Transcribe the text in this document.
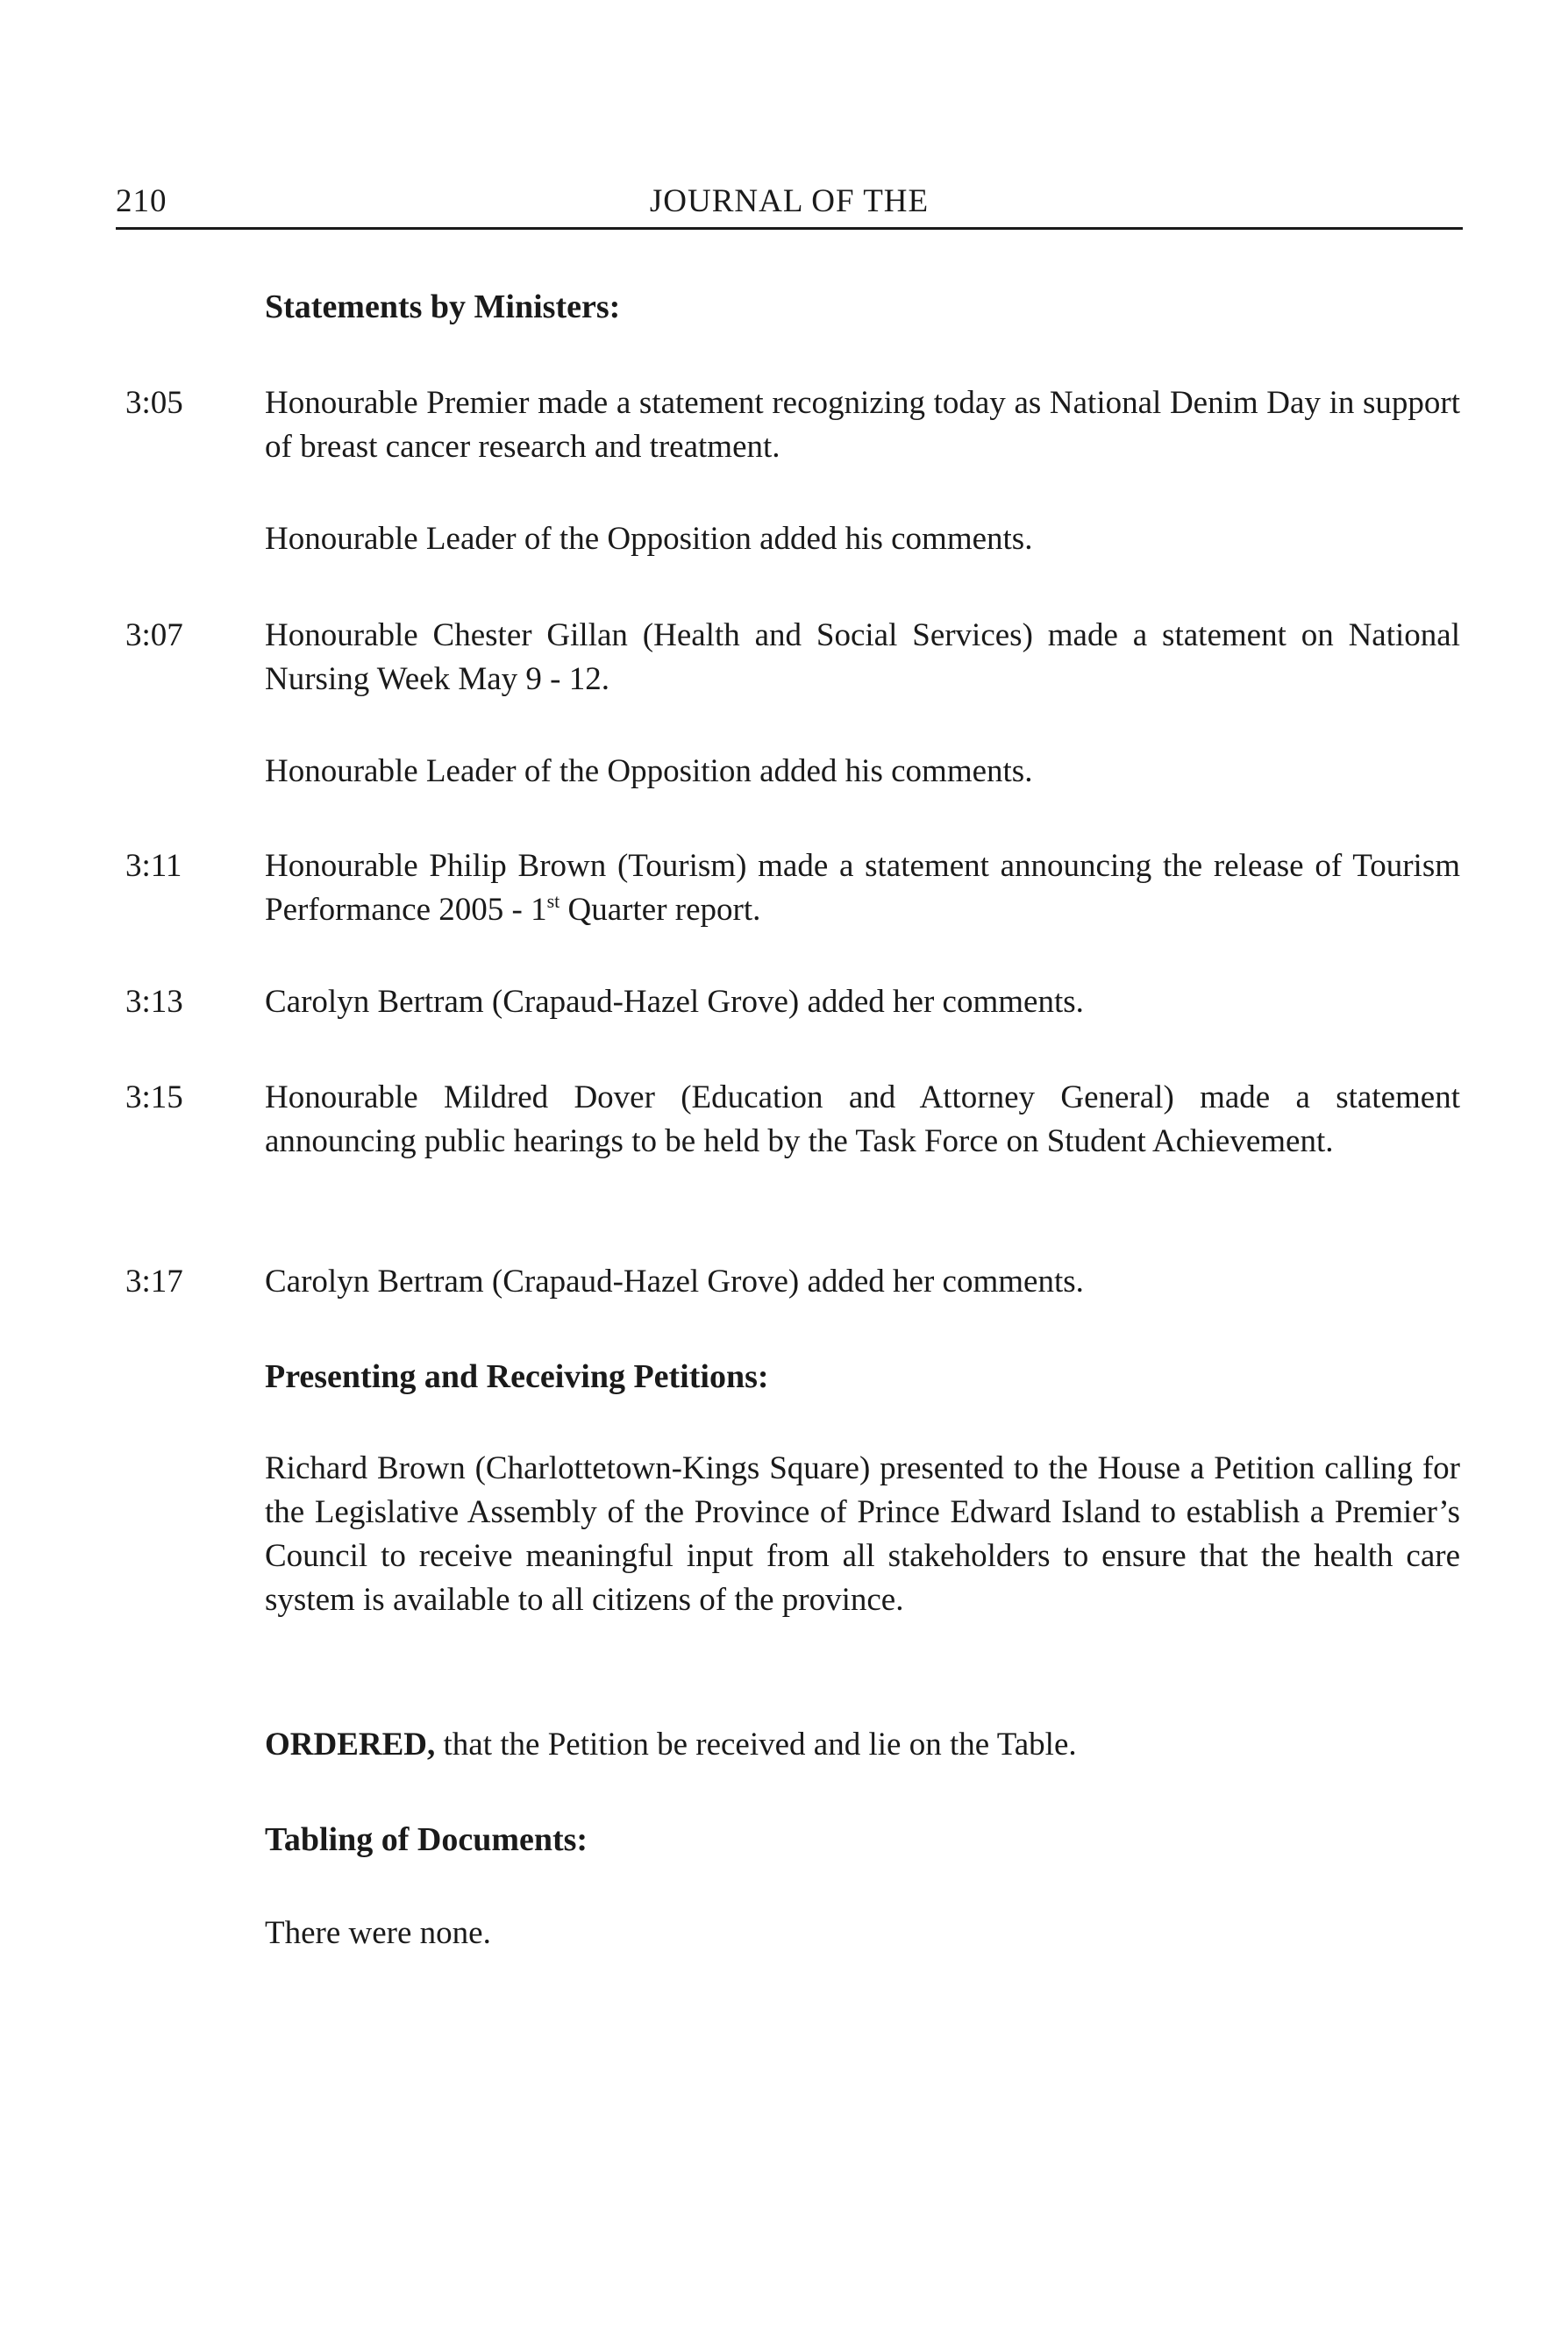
210	JOURNAL OF THE
Statements by Ministers:
3:05	Honourable Premier made a statement recognizing today as National Denim Day in support of breast cancer research and treatment.
Honourable Leader of the Opposition added his comments.
3:07	Honourable Chester Gillan (Health and Social Services) made a statement on National Nursing Week May 9 - 12.
Honourable Leader of the Opposition added his comments.
3:11	Honourable Philip Brown (Tourism) made a statement announcing the release of Tourism Performance 2005 - 1st Quarter report.
3:13	Carolyn Bertram (Crapaud-Hazel Grove) added her comments.
3:15	Honourable Mildred Dover (Education and Attorney General) made a statement announcing public hearings to be held by the Task Force on Student Achievement.
3:17	Carolyn Bertram (Crapaud-Hazel Grove) added her comments.
Presenting and Receiving Petitions:
Richard Brown (Charlottetown-Kings Square) presented to the House a Petition calling for the Legislative Assembly of the Province of Prince Edward Island to establish a Premier’s Council to receive meaningful input from all stakeholders to ensure that the health care system is available to all citizens of the province.
ORDERED, that the Petition be received and lie on the Table.
Tabling of Documents:
There were none.
